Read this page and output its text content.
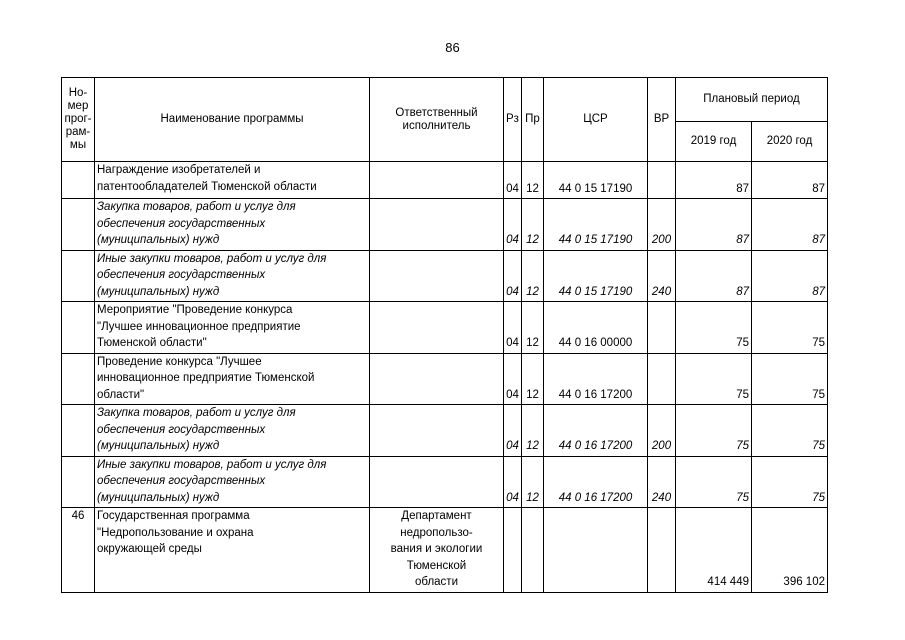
86
Но-
мер
прог-
рам-
мы	Наименование программы	Ответственный
исполнитель	Рз	Пр	ЦСР	ВР	Плановый период	
							2019 год	2020 год
	Награждение изобретателей и
патентообладателей Тюменской области		04	12	44 0 15 17190		87	87
	Закупка товаров, работ и услуг для
обеспечения государственных
(муниципальных) нужд		04	12	44 0 15 17190	200	87	87
	Иные закупки товаров, работ и услуг для
обеспечения государственных
(муниципальных) нужд		04	12	44 0 15 17190	240	87	87
	Мероприятие "Проведение конкурса
"Лучшее инновационное предприятие
Тюменской области"		04	12	44 0 16 00000		75	75
	Проведение конкурса "Лучшее
инновационное предприятие Тюменской
области"		04	12	44 0 16 17200		75	75
	Закупка товаров, работ и услуг для
обеспечения государственных
(муниципальных) нужд		04	12	44 0 16 17200	200	75	75
	Иные закупки товаров, работ и услуг для
обеспечения государственных
(муниципальных) нужд		04	12	44 0 16 17200	240	75	75
46	Государственная программа
"Недропользование и охрана
окружающей среды	Департамент
недропользо-
вания и экологии
Тюменской
области					414 449	396 102
